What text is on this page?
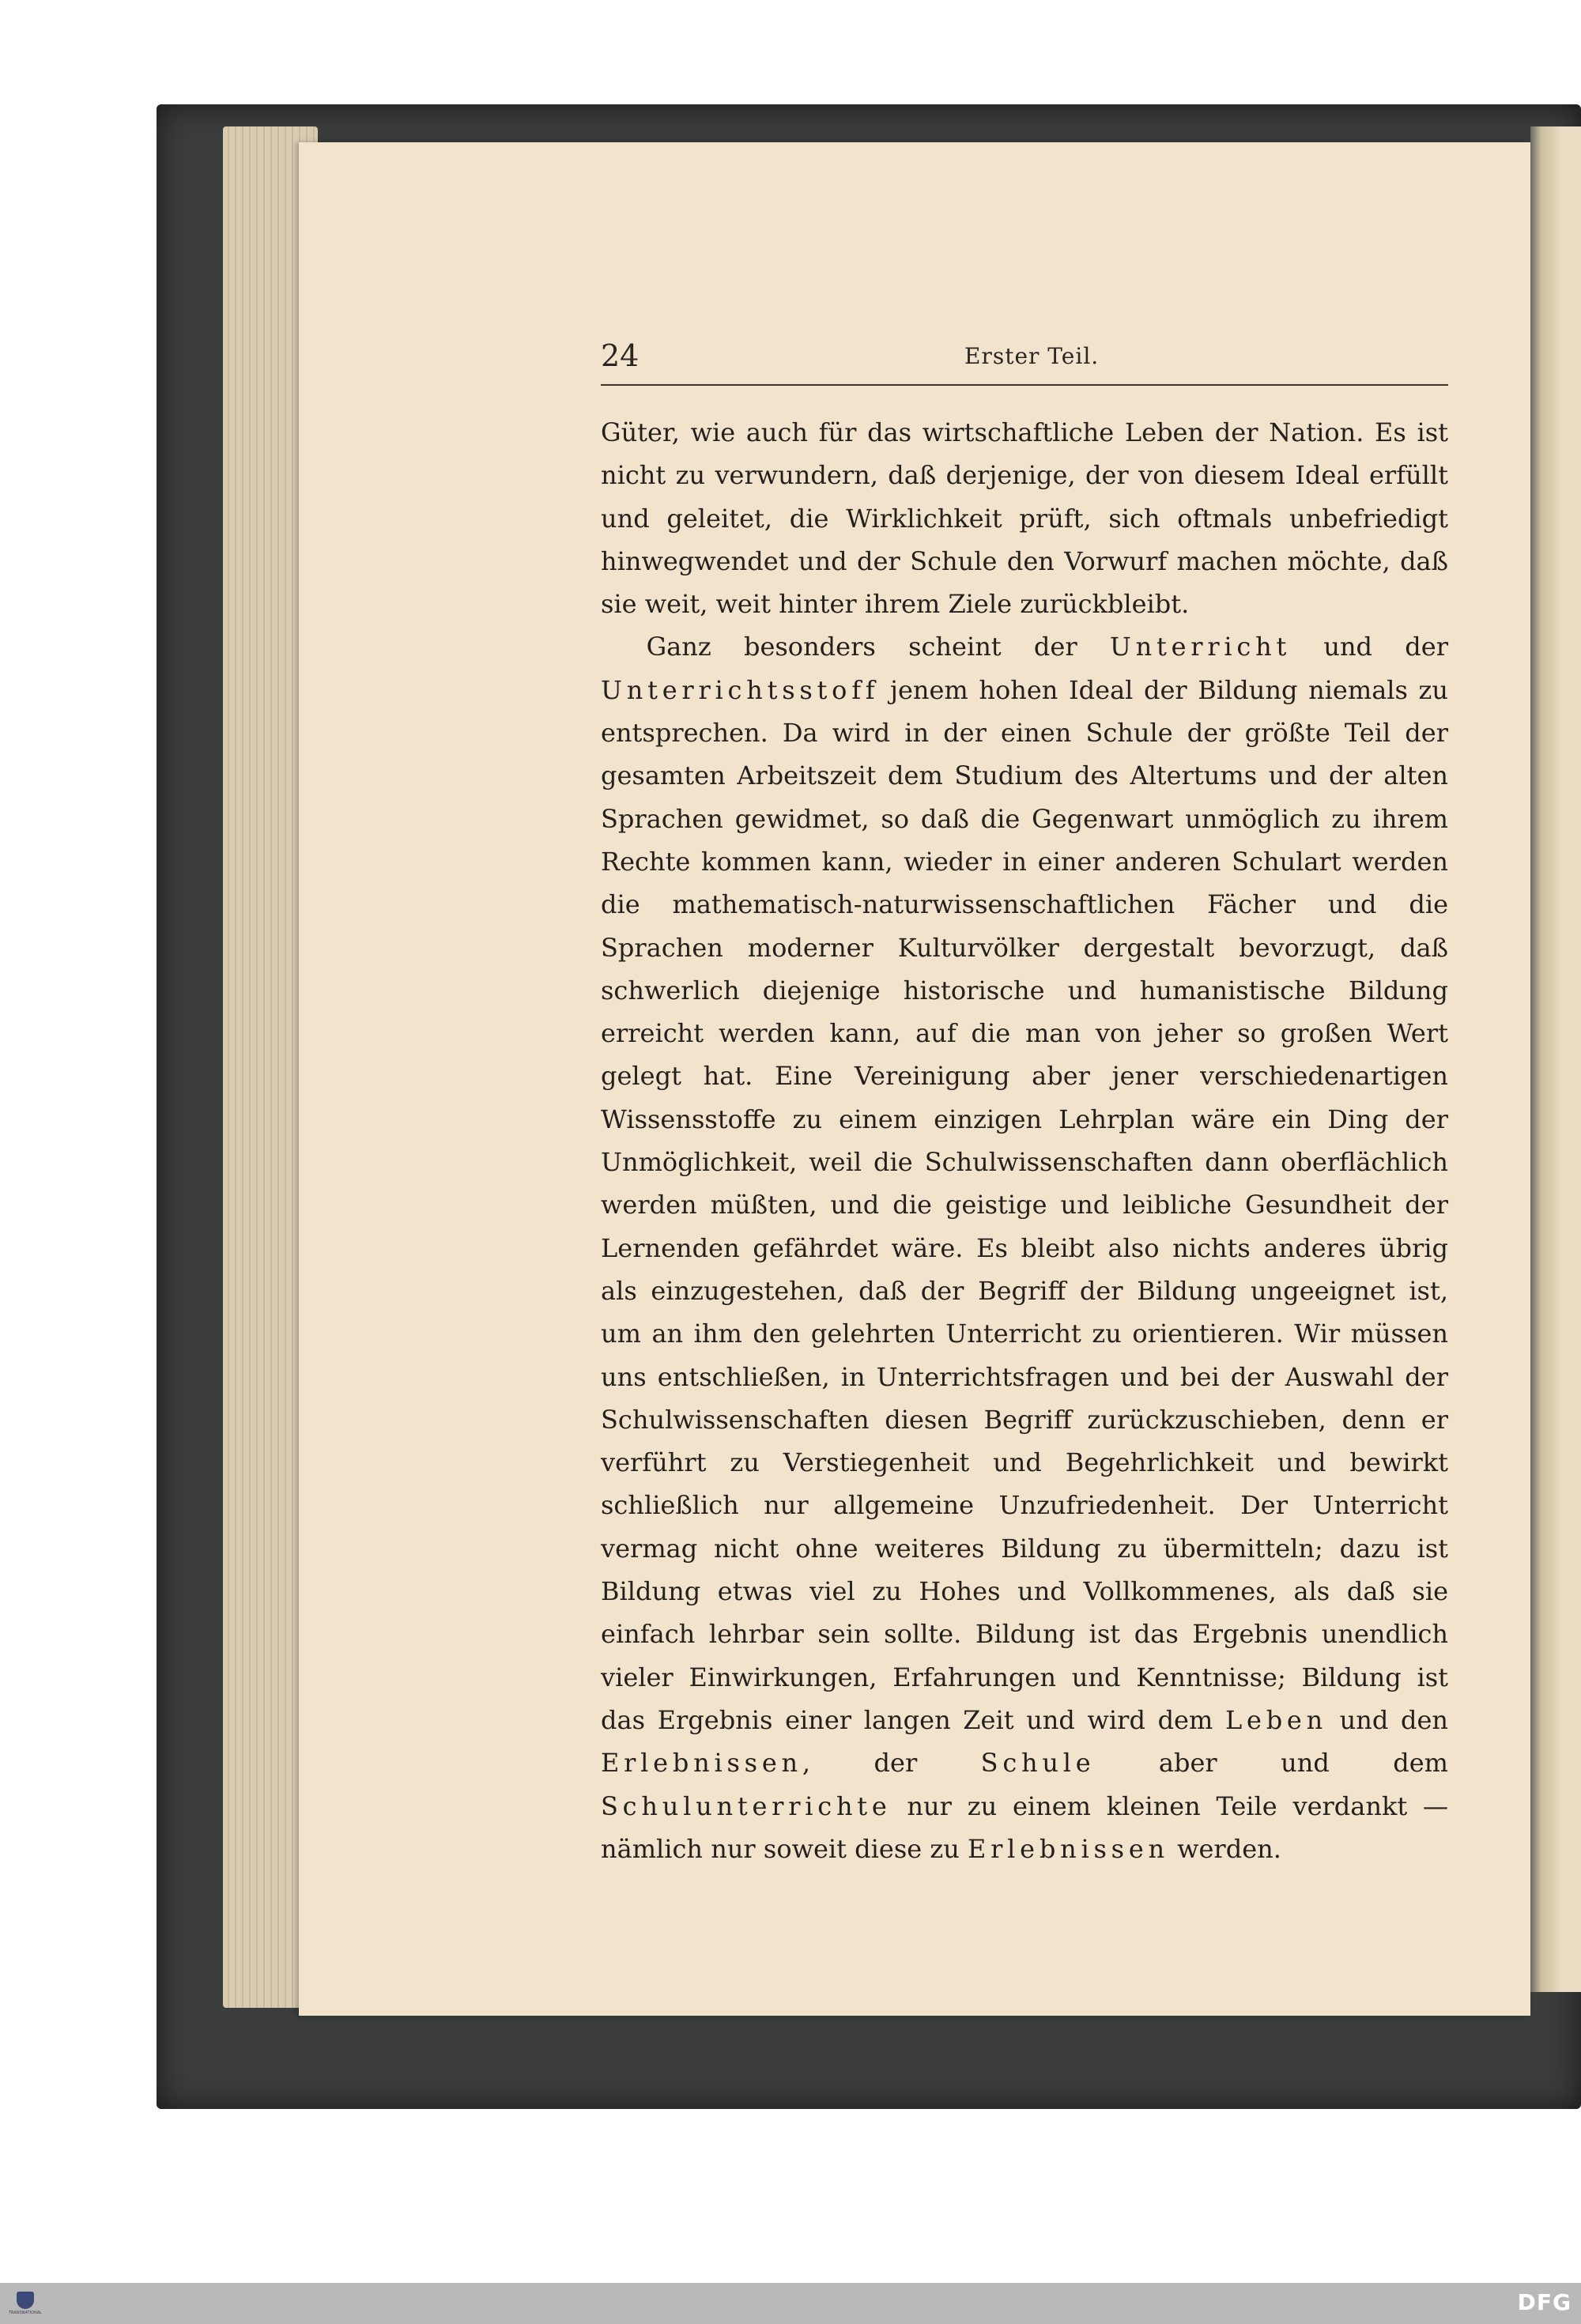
24	Erster Teil.

Güter, wie auch für das wirtschaftliche Leben der Nation. Es ist nicht zu verwundern, daß derjenige, der von diesem Ideal erfüllt und geleitet, die Wirklichkeit prüft, sich oftmals unbefriedigt hinwegwendet und der Schule den Vorwurf machen möchte, daß sie weit, weit hinter ihrem Ziele zurückbleibt.

Ganz besonders scheint der Unterricht und der Unterrichtsstoff jenem hohen Ideal der Bildung niemals zu entsprechen. Da wird in der einen Schule der größte Teil der gesamten Arbeitszeit dem Studium des Altertums und der alten Sprachen gewidmet, so daß die Gegenwart unmöglich zu ihrem Rechte kommen kann, wieder in einer anderen Schulart werden die mathematisch-naturwissenschaftlichen Fächer und die Sprachen moderner Kulturvölker dergestalt bevorzugt, daß schwerlich diejenige historische und humanistische Bildung erreicht werden kann, auf die man von jeher so großen Wert gelegt hat. Eine Vereinigung aber jener verschiedenartigen Wissensstoffe zu einem einzigen Lehrplan wäre ein Ding der Unmöglichkeit, weil die Schulwissenschaften dann oberflächlich werden müßten, und die geistige und leibliche Gesundheit der Lernenden gefährdet wäre. Es bleibt also nichts anderes übrig als einzugestehen, daß der Begriff der Bildung ungeeignet ist, um an ihm den gelehrten Unterricht zu orientieren. Wir müssen uns entschließen, in Unterrichtsfragen und bei der Auswahl der Schulwissenschaften diesen Begriff zurückzuschieben, denn er verführt zu Verstiegenheit und Begehrlichkeit und bewirkt schließlich nur allgemeine Unzufriedenheit. Der Unterricht vermag nicht ohne weiteres Bildung zu übermitteln; dazu ist Bildung etwas viel zu Hohes und Vollkommenes, als daß sie einfach lehrbar sein sollte. Bildung ist das Ergebnis unendlich vieler Einwirkungen, Erfahrungen und Kenntnisse; Bildung ist das Ergebnis einer langen Zeit und wird dem Leben und den Erlebnissen, der Schule aber und dem Schulunterrichte nur zu einem kleinen Teile verdankt — nämlich nur soweit diese zu Erlebnissen werden.

TRANSNATIONAL	DFG
